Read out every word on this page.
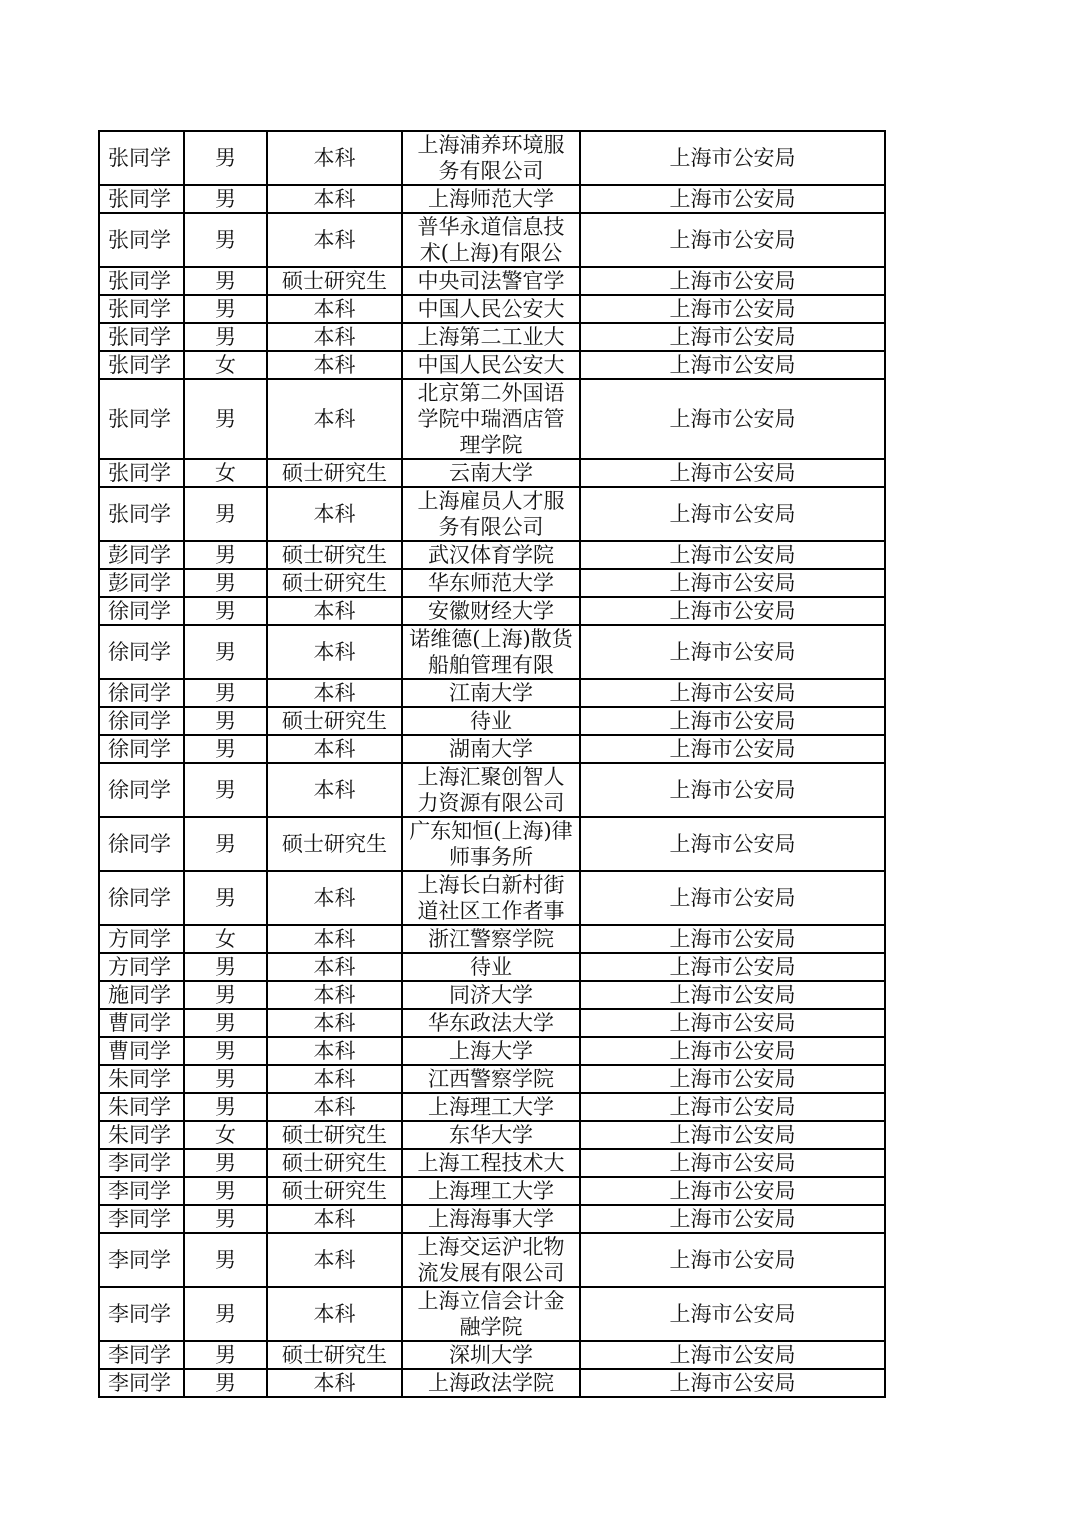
张同学	男	本科	上海浦养环境服务有限公司	上海市公安局
张同学	男	本科	上海师范大学	上海市公安局
张同学	男	本科	普华永道信息技术(上海)有限公	上海市公安局
张同学	男	硕士研究生	中央司法警官学	上海市公安局
张同学	男	本科	中国人民公安大	上海市公安局
张同学	男	本科	上海第二工业大	上海市公安局
张同学	女	本科	中国人民公安大	上海市公安局
张同学	男	本科	北京第二外国语学院中瑞酒店管理学院	上海市公安局
张同学	女	硕士研究生	云南大学	上海市公安局
张同学	男	本科	上海雇员人才服务有限公司	上海市公安局
彭同学	男	硕士研究生	武汉体育学院	上海市公安局
彭同学	男	硕士研究生	华东师范大学	上海市公安局
徐同学	男	本科	安徽财经大学	上海市公安局
徐同学	男	本科	诺维德(上海)散货船舶管理有限	上海市公安局
徐同学	男	本科	江南大学	上海市公安局
徐同学	男	硕士研究生	待业	上海市公安局
徐同学	男	本科	湖南大学	上海市公安局
徐同学	男	本科	上海汇聚创智人力资源有限公司	上海市公安局
徐同学	男	硕士研究生	广东知恒(上海)律师事务所	上海市公安局
徐同学	男	本科	上海长白新村街道社区工作者事	上海市公安局
方同学	女	本科	浙江警察学院	上海市公安局
方同学	男	本科	待业	上海市公安局
施同学	男	本科	同济大学	上海市公安局
曹同学	男	本科	华东政法大学	上海市公安局
曹同学	男	本科	上海大学	上海市公安局
朱同学	男	本科	江西警察学院	上海市公安局
朱同学	男	本科	上海理工大学	上海市公安局
朱同学	女	硕士研究生	东华大学	上海市公安局
李同学	男	硕士研究生	上海工程技术大	上海市公安局
李同学	男	硕士研究生	上海理工大学	上海市公安局
李同学	男	本科	上海海事大学	上海市公安局
李同学	男	本科	上海交运沪北物流发展有限公司	上海市公安局
李同学	男	本科	上海立信会计金融学院	上海市公安局
李同学	男	硕士研究生	深圳大学	上海市公安局
李同学	男	本科	上海政法学院	上海市公安局
